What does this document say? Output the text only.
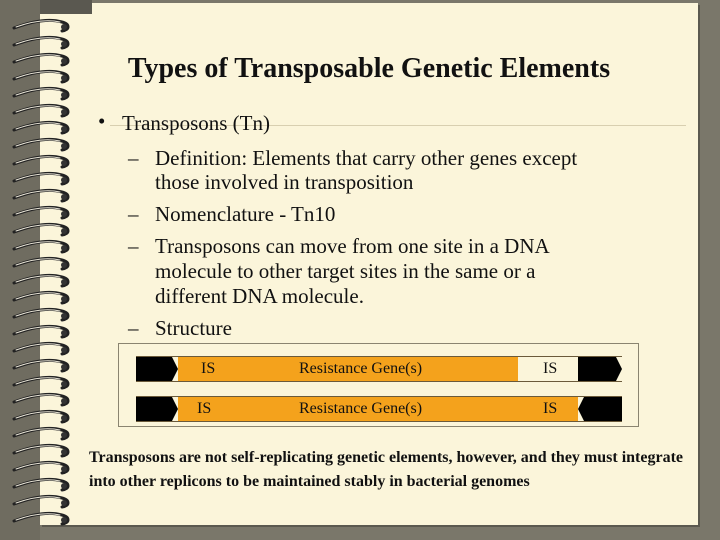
Types of Transposable Genetic Elements
• Transposons (Tn)
– Definition: Elements that carry other genes except
those involved in transposition
– Nomenclature - Tn10
– Transposons can move from one site in a DNA
molecule to other target sites in the same or a
different DNA molecule.
– Structure
IS	Resistance Gene(s)	IS
IS	Resistance Gene(s)	IS
Transposons are not self-replicating genetic elements, however, and they must integrate into other replicons to be maintained stably in bacterial genomes
